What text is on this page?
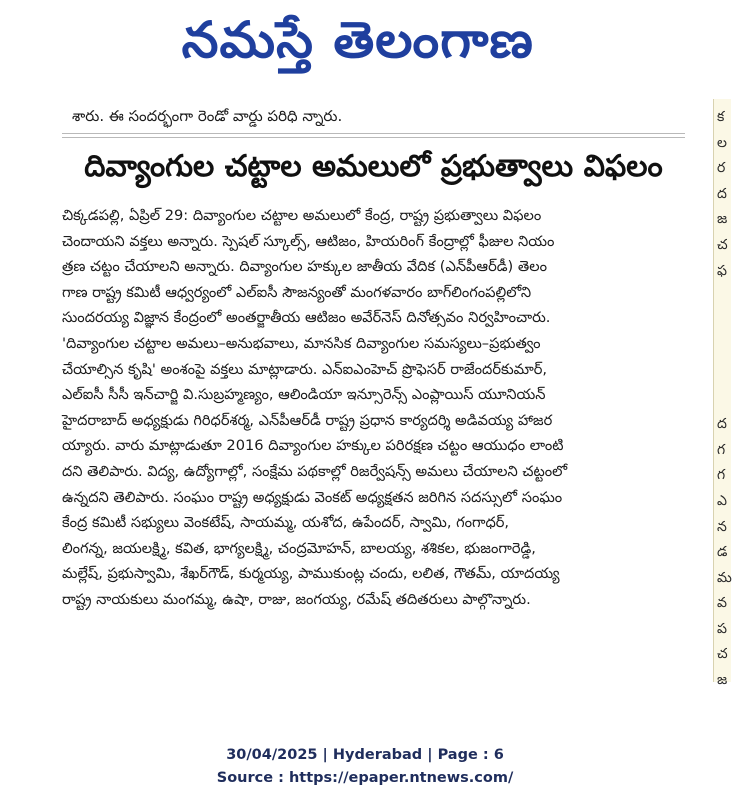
నమస్తే తెలంగాణ
శారు. ఈ సందర్భంగా రెండో వార్డు పరిధి న్నారు.
దివ్యాంగుల చట్టాల అమలులో ప్రభుత్వాలు విఫలం
చిక్కడపల్లి, ఏప్రిల్ 29: దివ్యాంగుల చట్టాల అమలులో కేంద్ర, రాష్ట్ర ప్రభుత్వాలు విఫలం
చెందాయని వక్తలు అన్నారు. స్పెషల్ స్కూల్స్, ఆటిజం, హియరింగ్ కేంద్రాల్లో ఫీజుల నియం
త్రణ చట్టం చేయాలని అన్నారు. దివ్యాంగుల హక్కుల జాతీయ వేదిక (ఎన్‌పీఆర్‌డీ) తెలం
గాణ రాష్ట్ర కమిటీ ఆధ్వర్యంలో ఎల్ఐసీ సౌజన్యంతో మంగళవారం బాగ్‌లింగంపల్లిలోని
సుందరయ్య విజ్ఞాన కేంద్రంలో అంతర్జాతీయ ఆటిజం అవేర్‌నెస్ దినోత్సవం నిర్వహించారు.
'దివ్యాంగుల చట్టాల అమలు–అనుభవాలు, మానసిక దివ్యాంగుల సమస్యలు–ప్రభుత్వం
చేయాల్సిన కృషి' అంశంపై వక్తలు మాట్లాడారు. ఎన్ఐఎంహెచ్ ప్రొఫెసర్ రాజేందర్‌కుమార్,
ఎల్ఐసీ సీసీ ఇన్‌చార్జి వి.సుబ్రహ్మణ్యం, ఆలిండియా ఇన్సూరెన్స్ ఎంప్లాయిస్ యూనియన్
హైదరాబాద్ అధ్యక్షుడు గిరిధర్‌శర్మ, ఎన్‌పీఆర్‌డీ రాష్ట్ర ప్రధాన కార్యదర్శి అడివయ్య హాజర
య్యారు. వారు మాట్లాడుతూ 2016 దివ్యాంగుల హక్కుల పరిరక్షణ చట్టం ఆయుధం లాంటి
దని తెలిపారు. విద్య, ఉద్యోగాల్లో, సంక్షేమ పథకాల్లో రిజర్వేషన్స్ అమలు చేయాలని చట్టంలో
ఉన్నదని తెలిపారు. సంఘం రాష్ట్ర అధ్యక్షుడు వెంకట్ అధ్యక్షతన జరిగిన సదస్సులో సంఘం
కేంద్ర కమిటీ సభ్యులు వెంకటేష్, సాయమ్మ, యశోద, ఉపేందర్, స్వామి, గంగాధర్,
లింగన్న, జయలక్ష్మి, కవిత, భాగ్యలక్ష్మి, చంద్రమోహన్, బాలయ్య, శశికల, భుజంగారెడ్డి,
మల్లేష్, ప్రభుస్వామి, శేఖర్‌గౌడ్, కుర్మయ్య, పాముకుంట్ల చందు, లలిత, గౌతమ్, యాదయ్య
రాష్ట్ర నాయకులు మంగమ్మ, ఉషా, రాజు, జంగయ్య, రమేష్ తదితరులు పాల్గొన్నారు.
క
ల
ర
ద
జ
చ
ఫ

ద
గ
గ
ఎ
న
డ
మ
వ
ప
చ
జ
30/04/2025 | Hyderabad | Page : 6
Source : https://epaper.ntnews.com/
